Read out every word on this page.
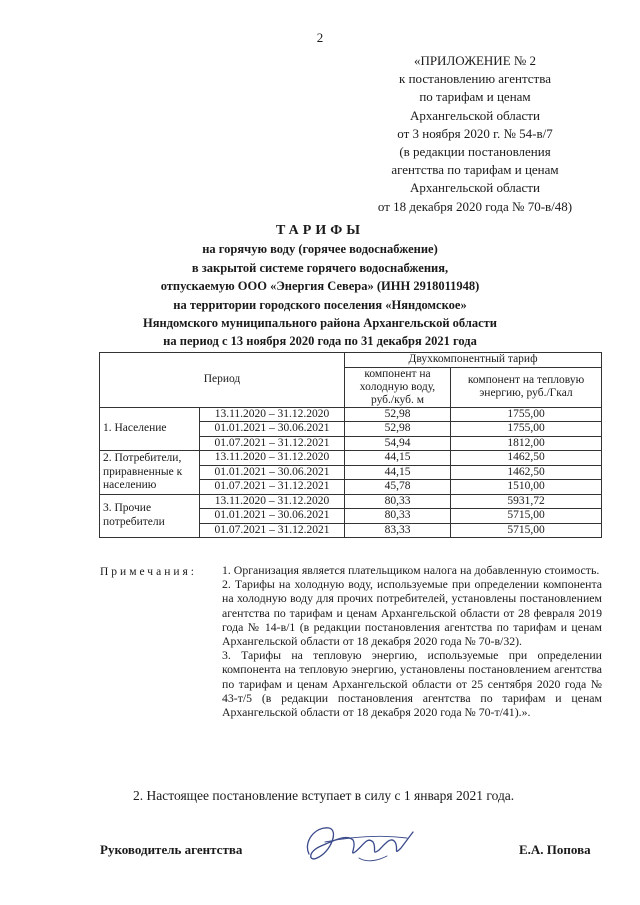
2
«ПРИЛОЖЕНИЕ № 2
к постановлению агентства
по тарифам и ценам
Архангельской области
от 3 ноября 2020 г. № 54-в/7
(в редакции постановления
агентства по тарифам и ценам
Архангельской области
от 18 декабря 2020 года № 70-в/48)
ТАРИФЫ
на горячую воду (горячее водоснабжение)
в закрытой системе горячего водоснабжения,
отпускаемую ООО «Энергия Севера» (ИНН 2918011948)
на территории городского поселения «Няндомское»
Няндомского муниципального района Архангельской области
на период с 13 ноября 2020 года по 31 декабря 2021 года
Период		Двухкомпонентный тариф	
		компонент на холодную воду, руб./куб. м	компонент на тепловую энергию, руб./Гкал
1. Население	13.11.2020 – 31.12.2020	52,98	1755,00
	01.01.2021 – 30.06.2021	52,98	1755,00
	01.07.2021 – 31.12.2021	54,94	1812,00
2. Потребители, приравненные к населению	13.11.2020 – 31.12.2020	44,15	1462,50
	01.01.2021 – 30.06.2021	44,15	1462,50
	01.07.2021 – 31.12.2021	45,78	1510,00
3. Прочие потребители	13.11.2020 – 31.12.2020	80,33	5931,72
	01.01.2021 – 30.06.2021	80,33	5715,00
	01.07.2021 – 31.12.2021	83,33	5715,00
Примечания: 1. Организация является плательщиком налога на добавленную стоимость.

2. Тарифы на холодную воду, используемые при определении компонента на холодную воду для прочих потребителей, установлены постановлением агентства по тарифам и ценам Архангельской области от 28 февраля 2019 года № 14-в/1 (в редакции постановления агентства по тарифам и ценам Архангельской области от 18 декабря 2020 года № 70-в/32).

3. Тарифы на тепловую энергию, используемые при определении компонента на тепловую энергию, установлены постановлением агентства по тарифам и ценам Архангельской области от 25 сентября 2020 года № 43-т/5 (в редакции постановления агентства по тарифам и ценам Архангельской области от 18 декабря 2020 года № 70-т/41).».

2. Настоящее постановление вступает в силу с 1 января 2021 года.
Руководитель агентства	Е.А. Попова
